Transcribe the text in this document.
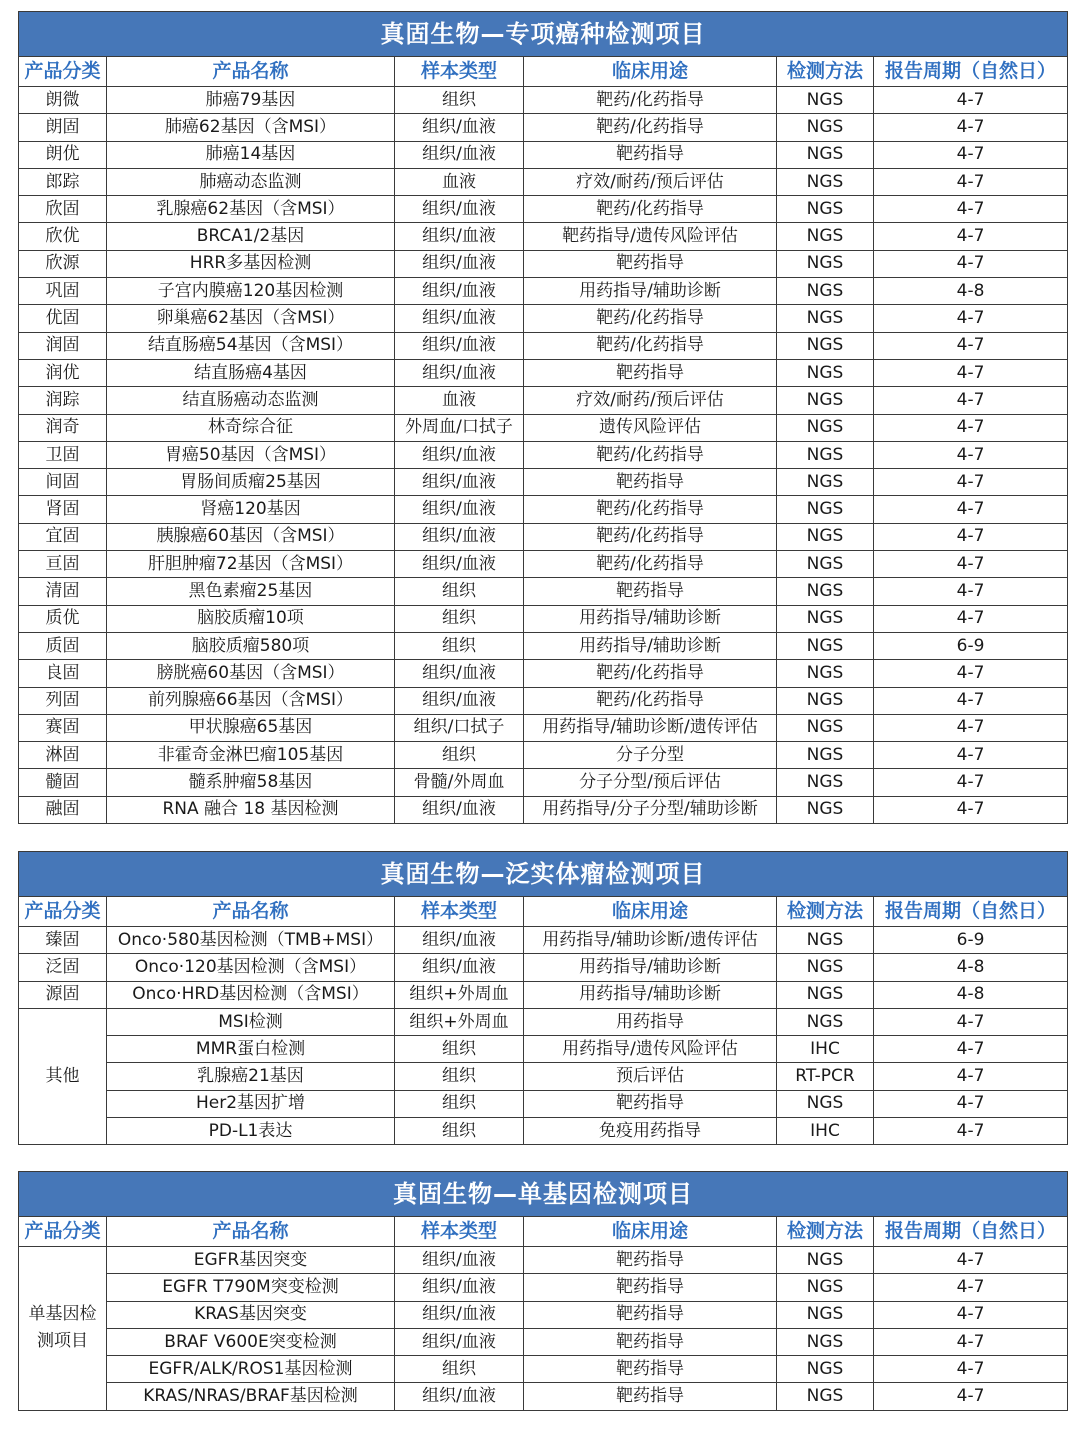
真固生物—专项癌种检测项目					
产品分类	产品名称	样本类型	临床用途	检测方法	报告周期（自然日）
朗微	肺癌79基因	组织	靶药/化药指导	NGS	4-7
朗固	肺癌62基因（含MSI）	组织/血液	靶药/化药指导	NGS	4-7
朗优	肺癌14基因	组织/血液	靶药指导	NGS	4-7
郎踪	肺癌动态监测	血液	疗效/耐药/预后评估	NGS	4-7
欣固	乳腺癌62基因（含MSI）	组织/血液	靶药/化药指导	NGS	4-7
欣优	BRCA1/2基因	组织/血液	靶药指导/遗传风险评估	NGS	4-7
欣源	HRR多基因检测	组织/血液	靶药指导	NGS	4-7
巩固	子宫内膜癌120基因检测	组织/血液	用药指导/辅助诊断	NGS	4-8
优固	卵巢癌62基因（含MSI）	组织/血液	靶药/化药指导	NGS	4-7
润固	结直肠癌54基因（含MSI）	组织/血液	靶药/化药指导	NGS	4-7
润优	结直肠癌4基因	组织/血液	靶药指导	NGS	4-7
润踪	结直肠癌动态监测	血液	疗效/耐药/预后评估	NGS	4-7
润奇	林奇综合征	外周血/口拭子	遗传风险评估	NGS	4-7
卫固	胃癌50基因（含MSI）	组织/血液	靶药/化药指导	NGS	4-7
间固	胃肠间质瘤25基因	组织/血液	靶药指导	NGS	4-7
肾固	肾癌120基因	组织/血液	靶药/化药指导	NGS	4-7
宜固	胰腺癌60基因（含MSI）	组织/血液	靶药/化药指导	NGS	4-7
亘固	肝胆肿瘤72基因（含MSI）	组织/血液	靶药/化药指导	NGS	4-7
清固	黑色素瘤25基因	组织	靶药指导	NGS	4-7
质优	脑胶质瘤10项	组织	用药指导/辅助诊断	NGS	4-7
质固	脑胶质瘤580项	组织	用药指导/辅助诊断	NGS	6-9
良固	膀胱癌60基因（含MSI）	组织/血液	靶药/化药指导	NGS	4-7
列固	前列腺癌66基因（含MSI）	组织/血液	靶药/化药指导	NGS	4-7
赛固	甲状腺癌65基因	组织/口拭子	用药指导/辅助诊断/遗传评估	NGS	4-7
淋固	非霍奇金淋巴瘤105基因	组织	分子分型	NGS	4-7
髓固	髓系肿瘤58基因	骨髓/外周血	分子分型/预后评估	NGS	4-7
融固	RNA 融合 18 基因检测	组织/血液	用药指导/分子分型/辅助诊断	NGS	4-7
真固生物—泛实体瘤检测项目					
产品分类	产品名称	样本类型	临床用途	检测方法	报告周期（自然日）
臻固	Onco·580基因检测（TMB+MSI）	组织/血液	用药指导/辅助诊断/遗传评估	NGS	6-9
泛固	Onco·120基因检测（含MSI）	组织/血液	用药指导/辅助诊断	NGS	4-8
源固	Onco·HRD基因检测（含MSI）	组织+外周血	用药指导/辅助诊断	NGS	4-8
其他	MSI检测	组织+外周血	用药指导	NGS	4-7
	MMR蛋白检测	组织	用药指导/遗传风险评估	IHC	4-7
	乳腺癌21基因	组织	预后评估	RT-PCR	4-7
	Her2基因扩增	组织	靶药指导	NGS	4-7
	PD-L1表达	组织	免疫用药指导	IHC	4-7
真固生物—单基因检测项目					
产品分类	产品名称	样本类型	临床用途	检测方法	报告周期（自然日）
单基因检测项目	EGFR基因突变	组织/血液	靶药指导	NGS	4-7
	EGFR T790M突变检测	组织/血液	靶药指导	NGS	4-7
	KRAS基因突变	组织/血液	靶药指导	NGS	4-7
	BRAF V600E突变检测	组织/血液	靶药指导	NGS	4-7
	EGFR/ALK/ROS1基因检测	组织	靶药指导	NGS	4-7
	KRAS/NRAS/BRAF基因检测	组织/血液	靶药指导	NGS	4-7
